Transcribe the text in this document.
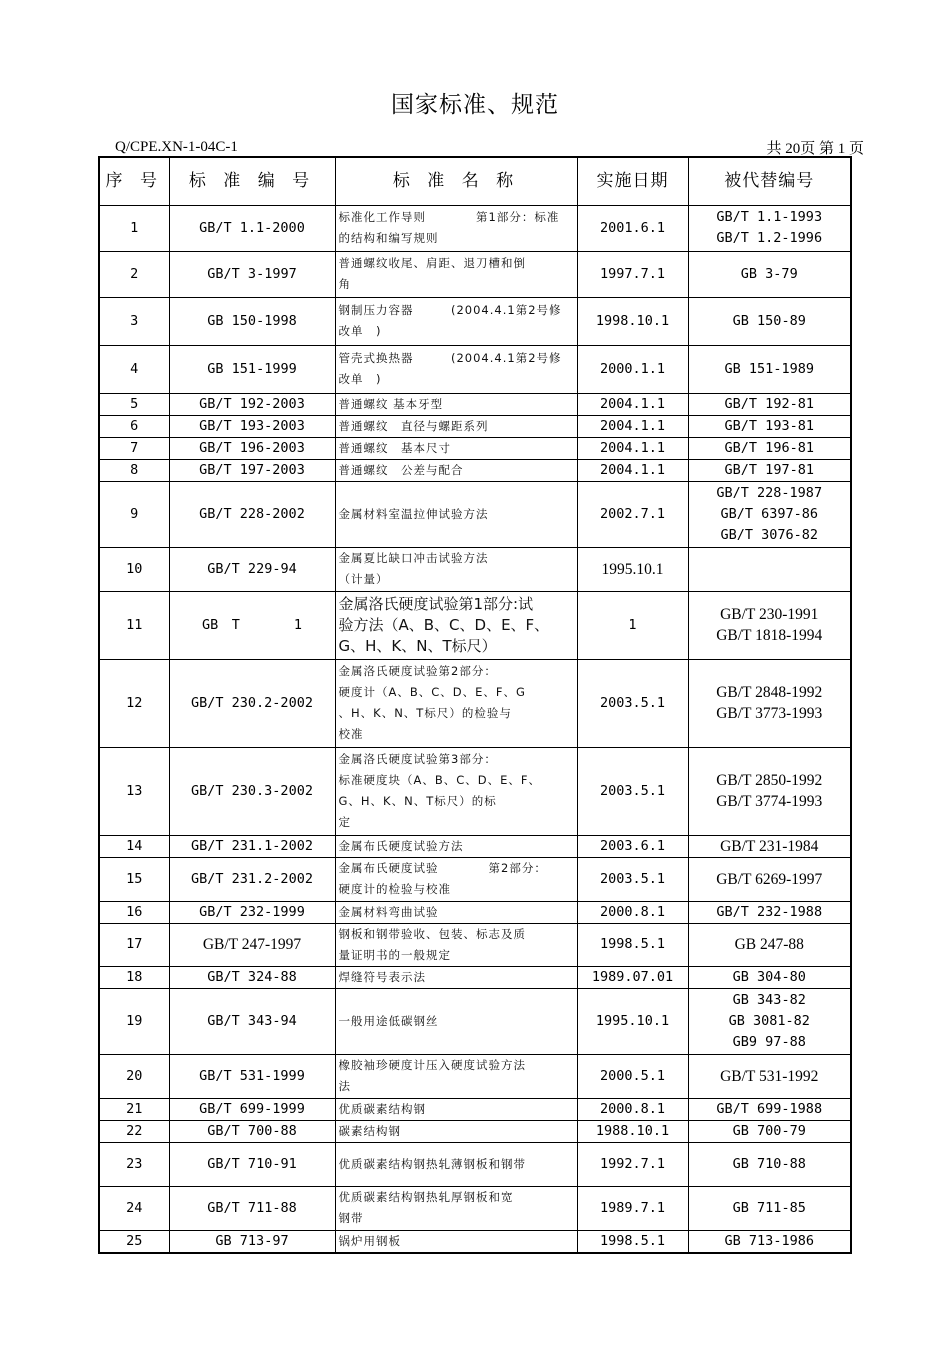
国家标准、规范
Q/CPE.XN-1-04C-1	共 20页 第 1 页
序 号	标 准 编 号	标 准 名 称	实施日期	被代替编号
1	GB/T 1.1-2000	标准化工作导则　　　　第1部分：标准
的结构和编写规则	2001.6.1	GB/T 1.1-1993
GB/T 1.2-1996

2	GB/T 3-1997	普通螺纹收尾、肩距、退刀槽和倒
角	1997.7.1	GB 3-79

3	GB 150-1998	钢制压力容器　　　(2004.4.1第2号修
改单　)	1998.10.1	GB 150-89

4	GB 151-1999	管壳式换热器　　　(2004.4.1第2号修
改单　)	2000.1.1	GB 151-1989

5	GB/T 192-2003	普通螺纹 基本牙型	2004.1.1	GB/T 192-81

6	GB/T 193-2003	普通螺纹　直径与螺距系列	2004.1.1	GB/T 193-81

7	GB/T 196-2003	普通螺纹　基本尺寸	2004.1.1	GB/T 196-81

8	GB/T 197-2003	普通螺纹　公差与配合	2004.1.1	GB/T 197-81

9	GB/T 228-2002	金属材料室温拉伸试验方法	2002.7.1	GB/T 228-1987
GB/T 6397-86
GB/T 3076-82

10	GB/T 229-94	金属夏比缺口冲击试验方法　　　
（计量）	1995.10.1	
11	GB　T　　　　1	金属洛氏硬度试验第1部分:试
验方法（A、B、C、D、E、F、
G、H、K、N、T标尺）	1	GB/T 230-1991
GB/T 1818-1994

12	GB/T 230.2-2002	金属洛氏硬度试验第2部分：
硬度计（A、B、C、D、E、F、G
、H、K、N、T标尺）的检验与
校准	2003.5.1	GB/T 2848-1992
GB/T 3773-1993

13	GB/T 230.3-2002	金属洛氏硬度试验第3部分：
标准硬度块（A、B、C、D、E、F、
G、H、K、N、T标尺）的标
定	2003.5.1	GB/T 2850-1992
GB/T 3774-1993

14	GB/T 231.1-2002	金属布氏硬度试验方法	2003.6.1	GB/T 231-1984

15	GB/T 231.2-2002	金属布氏硬度试验　　　　第2部分：
硬度计的检验与校准	2003.5.1	GB/T 6269-1997

16	GB/T 232-1999	金属材料弯曲试验	2000.8.1	GB/T 232-1988

17	GB/T 247-1997	钢板和钢带验收、包装、标志及质
量证明书的一般规定	1998.5.1	GB 247-88

18	GB/T 324-88	焊缝符号表示法	1989.07.01	GB 304-80

19	GB/T 343-94	一般用途低碳钢丝	1995.10.1	GB 343-82
GB 3081-82
GB9 97-88

20	GB/T 531-1999	橡胶袖珍硬度计压入硬度试验方法
法	2000.5.1	GB/T 531-1992

21	GB/T 699-1999	优质碳素结构钢	2000.8.1	GB/T 699-1988

22	GB/T 700-88	碳素结构钢	1988.10.1	GB 700-79

23	GB/T 710-91	优质碳素结构钢热轧薄钢板和钢带	1992.7.1	GB 710-88

24	GB/T 711-88	优质碳素结构钢热轧厚钢板和宽
钢带	1989.7.1	GB 711-85

25	GB 713-97	锅炉用钢板	1998.5.1	GB 713-1986
